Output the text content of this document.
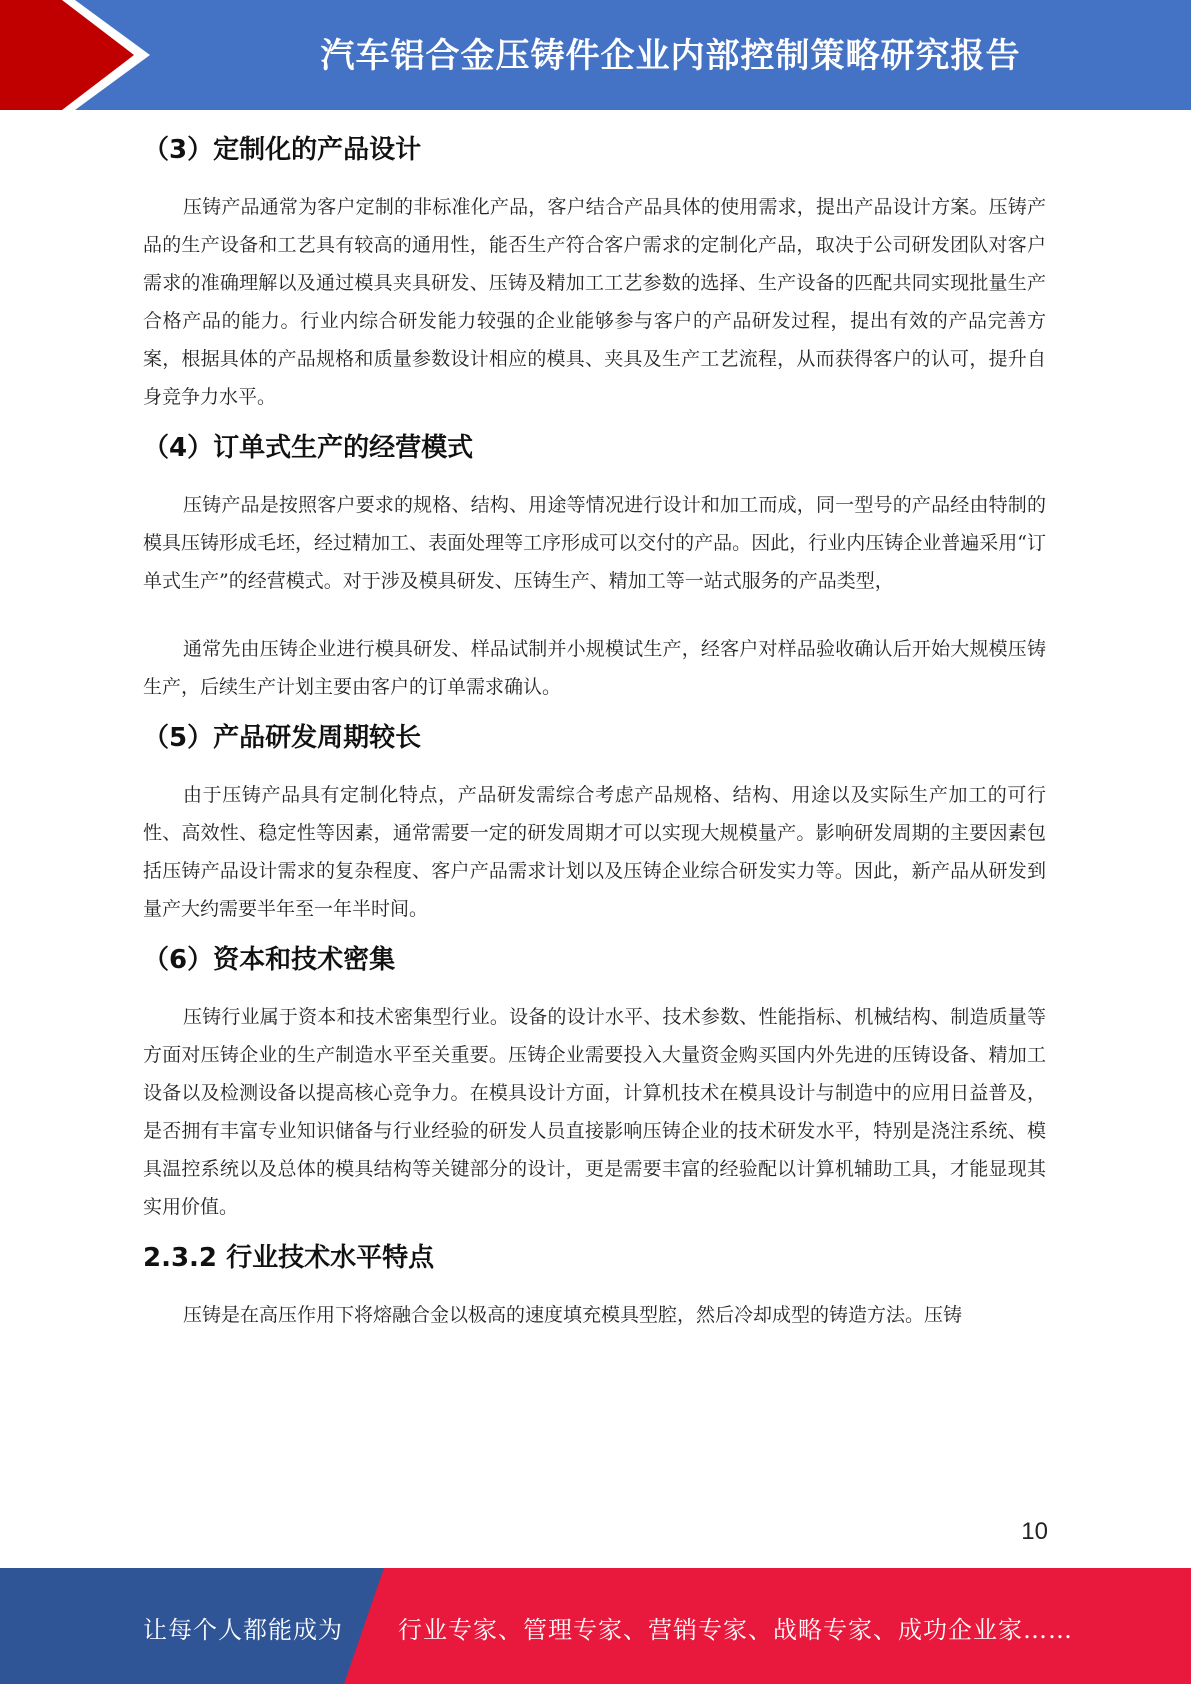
汽车铝合金压铸件企业内部控制策略研究报告
（3）定制化的产品设计

压铸产品通常为客户定制的非标准化产品，客户结合产品具体的使用需求，提出产品设计方案。压铸产品的生产设备和工艺具有较高的通用性，能否生产符合客户需求的定制化产品，取决于公司研发团队对客户需求的准确理解以及通过模具夹具研发、压铸及精加工工艺参数的选择、生产设备的匹配共同实现批量生产合格产品的能力。行业内综合研发能力较强的企业能够参与客户的产品研发过程，提出有效的产品完善方案，根据具体的产品规格和质量参数设计相应的模具、夹具及生产工艺流程，从而获得客户的认可，提升自身竞争力水平。

（4）订单式生产的经营模式

压铸产品是按照客户要求的规格、结构、用途等情况进行设计和加工而成，同一型号的产品经由特制的模具压铸形成毛坯，经过精加工、表面处理等工序形成可以交付的产品。因此，行业内压铸企业普遍采用“订单式生产”的经营模式。对于涉及模具研发、压铸生产、精加工等一站式服务的产品类型，

通常先由压铸企业进行模具研发、样品试制并小规模试生产，经客户对样品验收确认后开始大规模压铸生产，后续生产计划主要由客户的订单需求确认。

（5）产品研发周期较长

由于压铸产品具有定制化特点，产品研发需综合考虑产品规格、结构、用途以及实际生产加工的可行性、高效性、稳定性等因素，通常需要一定的研发周期才可以实现大规模量产。影响研发周期的主要因素包括压铸产品设计需求的复杂程度、客户产品需求计划以及压铸企业综合研发实力等。因此，新产品从研发到量产大约需要半年至一年半时间。

（6）资本和技术密集

压铸行业属于资本和技术密集型行业。设备的设计水平、技术参数、性能指标、机械结构、制造质量等方面对压铸企业的生产制造水平至关重要。压铸企业需要投入大量资金购买国内外先进的压铸设备、精加工设备以及检测设备以提高核心竞争力。在模具设计方面，计算机技术在模具设计与制造中的应用日益普及，是否拥有丰富专业知识储备与行业经验的研发人员直接影响压铸企业的技术研发水平，特别是浇注系统、模具温控系统以及总体的模具结构等关键部分的设计，更是需要丰富的经验配以计算机辅助工具，才能显现其实用价值。

2.3.2 行业技术水平特点

压铸是在高压作用下将熔融合金以极高的速度填充模具型腔，然后冷却成型的铸造方法。压铸

10
让每个人都能成为 行业专家、管理专家、营销专家、战略专家、成功企业家……
